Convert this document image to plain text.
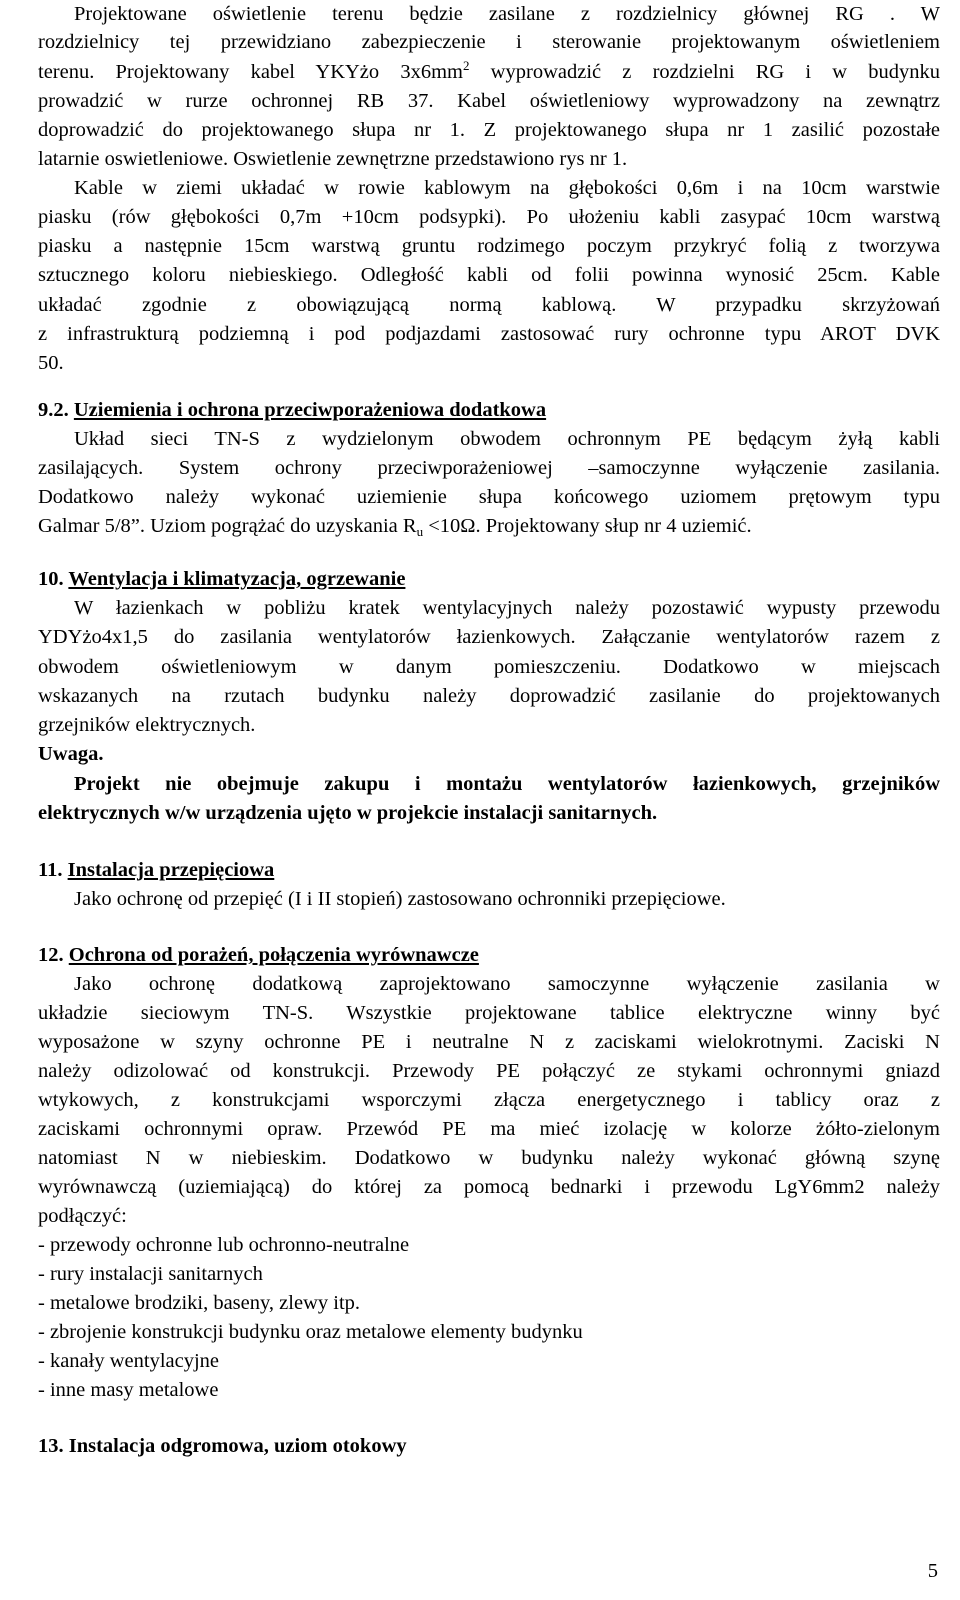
Projektowane oświetlenie terenu będzie zasilane z rozdzielnicy głównej RG . W
rozdzielnicy tej przewidziano zabezpieczenie i sterowanie projektowanym oświetleniem
terenu. Projektowany kabel YKYżo $3x6mm^2$ wyprowadzić z rozdzielni RG i w budynku
prowadzić w rurze ochronnej RB 37. Kabel oświetleniowy wyprowadzony na zewnątrz
doprowadzić do projektowanego słupa nr 1. Z projektowanego słupa nr 1 zasilić pozostałe
latarnie oswietleniowe. Oswietlenie zewnętrzne przedstawiono rys nr 1.
Kable w ziemi układać w rowie kablowym na głębokości 0,6m i na 10cm warstwie
piasku (rów głębokości 0,7m +10cm podsypki). Po ułożeniu kabli zasypać 10cm warstwą
piasku a następnie 15cm warstwą gruntu rodzimego poczym przykryć folią z tworzywa
sztucznego koloru niebieskiego. Odległość kabli od folii powinna wynosić 25cm. Kable
układać zgodnie z obowiązującą normą kablową. W przypadku skrzyżowań
z infrastrukturą podziemną i pod podjazdami zastosować rury ochronne typu AROT DVK
50.
9.2. Uziemienia i ochrona przeciwporażeniowa dodatkowa
Układ sieci TN-S z wydzielonym obwodem ochronnym PE będącym żyłą kabli
zasilających. System ochrony przeciwporażeniowej –samoczynne wyłączenie zasilania.
Dodatkowo należy wykonać uziemienie słupa końcowego uziomem prętowym typu
Galmar 5/8”. Uziom pogrążać do uzyskania $R_u <10\Omega$. Projektowany słup nr 4 uziemić.
10. Wentylacja i klimatyzacja, ogrzewanie
W łazienkach w pobliżu kratek wentylacyjnych należy pozostawić wypusty przewodu
YDYżo4x1,5 do zasilania wentylatorów łazienkowych. Załączanie wentylatorów razem z
obwodem oświetleniowym w danym pomieszczeniu. Dodatkowo w miejscach
wskazanych na rzutach budynku należy doprowadzić zasilanie do projektowanych
grzejników elektrycznych.
Uwaga.
Projekt nie obejmuje zakupu i montażu wentylatorów łazienkowych, grzejników
elektrycznych w/w urządzenia ujęto w projekcie instalacji sanitarnych.
11. Instalacja przepięciowa
Jako ochronę od przepięć (I i II stopień) zastosowano ochronniki przepięciowe.
12. Ochrona od porażeń, połączenia wyrównawcze
Jako ochronę dodatkową zaprojektowano samoczynne wyłączenie zasilania w
układzie sieciowym TN-S. Wszystkie projektowane tablice elektryczne winny być
wyposażone w szyny ochronne PE i neutralne N z zaciskami wielokrotnymi. Zaciski N
należy odizolować od konstrukcji. Przewody PE połączyć ze stykami ochronnymi gniazd
wtykowych, z konstrukcjami wsporczymi złącza energetycznego i tablicy oraz z
zaciskami ochronnymi opraw. Przewód PE ma mieć izolację w kolorze żółto-zielonym
natomiast N w niebieskim. Dodatkowo w budynku należy wykonać główną szynę
wyrównawczą (uziemiającą) do której za pomocą bednarki i przewodu LgY6mm2 należy
podłączyć:
- przewody ochronne lub ochronno-neutralne
- rury instalacji sanitarnych
- metalowe brodziki, baseny, zlewy itp.
- zbrojenie konstrukcji budynku oraz metalowe elementy budynku
- kanały wentylacyjne
- inne masy metalowe
13. Instalacja odgromowa, uziom otokowy
5
